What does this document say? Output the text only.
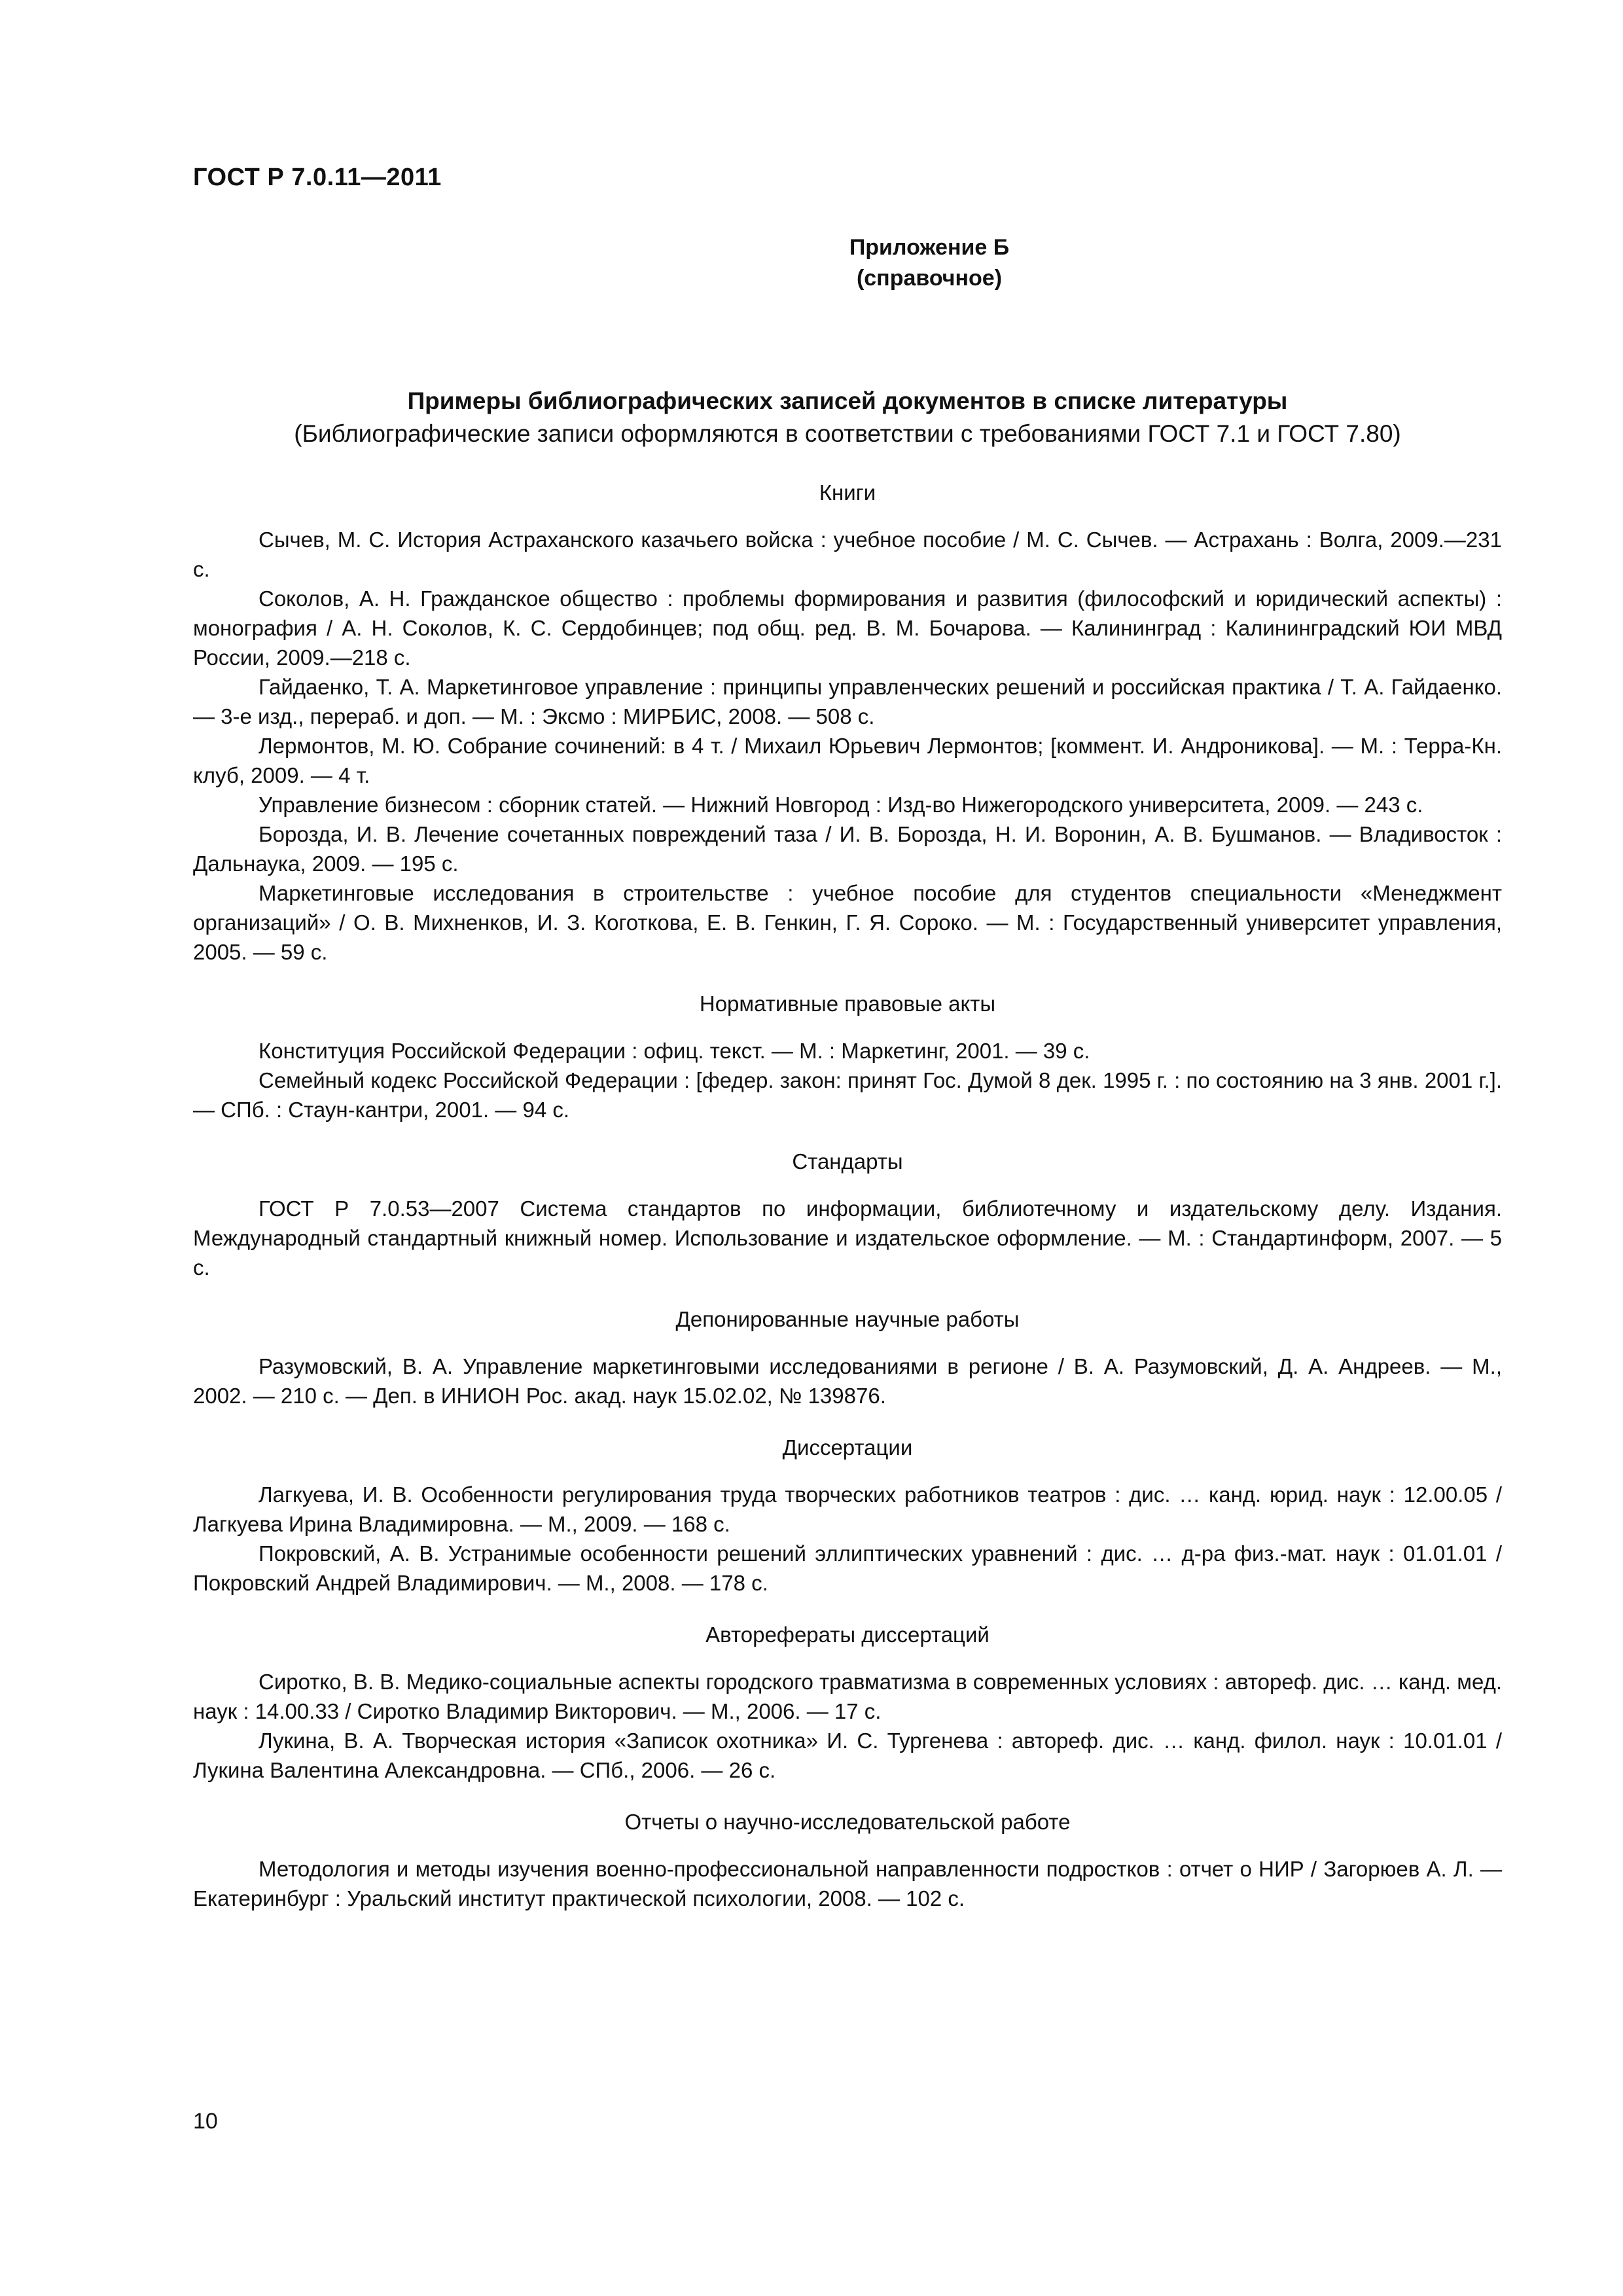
ГОСТ Р 7.0.11—2011
Приложение Б
(справочное)
Примеры библиографических записей документов в списке литературы
(Библиографические записи оформляются в соответствии с требованиями ГОСТ 7.1 и ГОСТ 7.80)
Книги

Сычев, М. С. История Астраханского казачьего войска : учебное пособие / М. С. Сычев. — Астрахань : Волга, 2009.—231 с.

Соколов, А. Н. Гражданское общество : проблемы формирования и развития (философский и юридический аспекты) : монография / А. Н. Соколов, К. С. Сердобинцев; под общ. ред. В. М. Бочарова. — Калининград : Калининградский ЮИ МВД России, 2009.—218 с.

Гайдаенко, Т. А. Маркетинговое управление : принципы управленческих решений и российская практика / Т. А. Гайдаенко. — 3-е изд., перераб. и доп. — М. : Эксмо : МИРБИС, 2008. — 508 с.

Лермонтов, М. Ю. Собрание сочинений: в 4 т. / Михаил Юрьевич Лермонтов; [коммент. И. Андроникова]. — М. : Терра-Кн. клуб, 2009. — 4 т.

Управление бизнесом : сборник статей. — Нижний Новгород : Изд-во Нижегородского университета, 2009. — 243 с.

Борозда, И. В. Лечение сочетанных повреждений таза / И. В. Борозда, Н. И. Воронин, А. В. Бушманов. — Владивосток : Дальнаука, 2009. — 195 с.

Маркетинговые исследования в строительстве : учебное пособие для студентов специальности «Менеджмент организаций» / О. В. Михненков, И. З. Коготкова, Е. В. Генкин, Г. Я. Сороко. — М. : Государственный университет управления, 2005. — 59 с.

Нормативные правовые акты

Конституция Российской Федерации : офиц. текст. — М. : Маркетинг, 2001. — 39 с.

Семейный кодекс Российской Федерации : [федер. закон: принят Гос. Думой 8 дек. 1995 г. : по состоянию на 3 янв. 2001 г.]. — СПб. : Стаун-кантри, 2001. — 94 с.

Стандарты

ГОСТ Р 7.0.53—2007 Система стандартов по информации, библиотечному и издательскому делу. Издания. Международный стандартный книжный номер. Использование и издательское оформление. — М. : Стандартинформ, 2007. — 5 с.

Депонированные научные работы

Разумовский, В. А. Управление маркетинговыми исследованиями в регионе / В. А. Разумовский, Д. А. Андреев. — М., 2002. — 210 с. — Деп. в ИНИОН Рос. акад. наук 15.02.02, № 139876.

Диссертации

Лагкуева, И. В. Особенности регулирования труда творческих работников театров : дис. … канд. юрид. наук : 12.00.05 / Лагкуева Ирина Владимировна. — М., 2009. — 168 с.

Покровский, А. В. Устранимые особенности решений эллиптических уравнений : дис. … д-ра физ.-мат. наук : 01.01.01 / Покровский Андрей Владимирович. — М., 2008. — 178 с.

Авторефераты диссертаций

Сиротко, В. В. Медико-социальные аспекты городского травматизма в современных условиях : автореф. дис. … канд. мед. наук : 14.00.33 / Сиротко Владимир Викторович. — М., 2006. — 17 с.

Лукина, В. А. Творческая история «Записок охотника» И. С. Тургенева : автореф. дис. … канд. филол. наук : 10.01.01 / Лукина Валентина Александровна. — СПб., 2006. — 26 с.

Отчеты о научно-исследовательской работе

Методология и методы изучения военно-профессиональной направленности подростков : отчет о НИР / Загорюев А. Л. — Екатеринбург : Уральский институт практической психологии, 2008. — 102 с.

10
